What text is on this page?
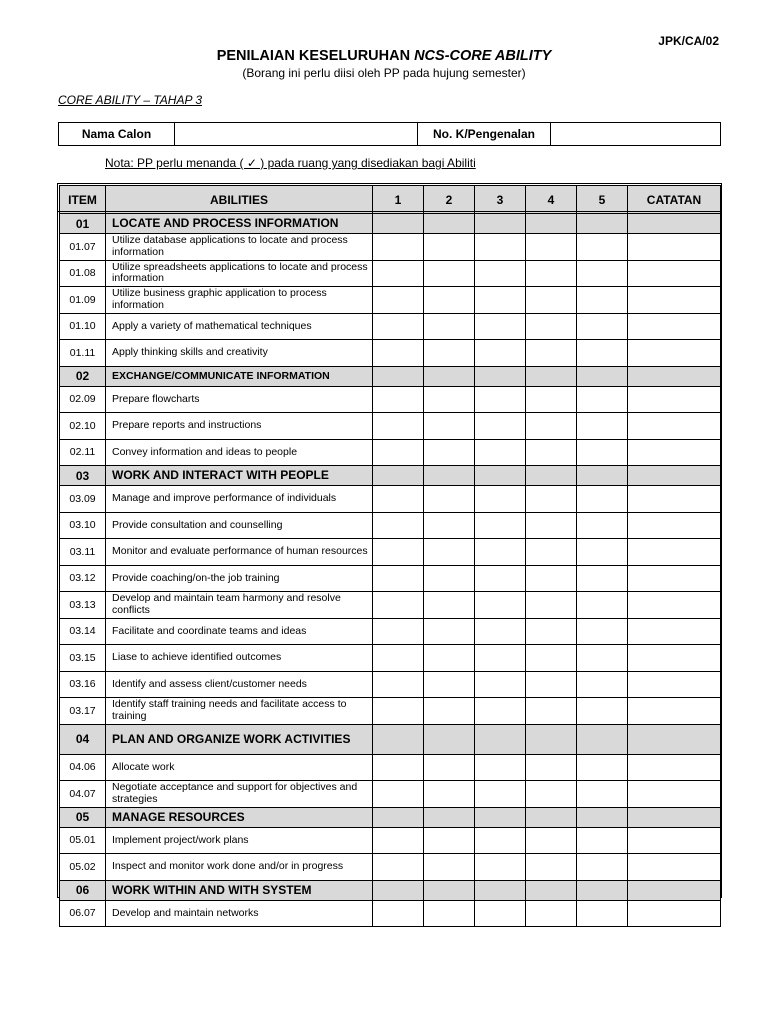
JPK/CA/02
PENILAIAN KESELURUHAN NCS-CORE ABILITY
(Borang ini perlu diisi oleh PP pada hujung semester)
CORE ABILITY – TAHAP 3
Nama Calon		No. K/Pengenalan	
Nota: PP perlu menanda ( ✓ ) pada ruang yang disediakan bagi Abiliti
ITEM	ABILITIES	1	2	3	4	5	CATATAN
01	LOCATE AND PROCESS INFORMATION						
01.07	Utilize database applications to locate and process information						
01.08	Utilize spreadsheets applications to locate and process information						
01.09	Utilize business graphic application to process information						
01.10	Apply a variety of mathematical techniques						
01.11	Apply thinking skills and creativity						
02	EXCHANGE/COMMUNICATE INFORMATION						
02.09	Prepare flowcharts						
02.10	Prepare reports and instructions						
02.11	Convey information and ideas to people						
03	WORK AND INTERACT WITH PEOPLE						
03.09	Manage and improve performance of individuals						
03.10	Provide consultation and counselling						
03.11	Monitor and evaluate performance of human resources						
03.12	Provide coaching/on-the job training						
03.13	Develop and maintain team harmony and resolve conflicts						
03.14	Facilitate and coordinate teams and ideas						
03.15	Liase to achieve identified outcomes						
03.16	Identify and assess client/customer needs						
03.17	Identify staff training needs and facilitate access to training						
04	PLAN AND ORGANIZE WORK ACTIVITIES						
04.06	Allocate work						
04.07	Negotiate acceptance and support for objectives and strategies						
05	MANAGE RESOURCES						
05.01	Implement project/work plans						
05.02	Inspect and monitor work done and/or in progress						
06	WORK WITHIN AND WITH SYSTEM						
06.07	Develop and maintain networks						
